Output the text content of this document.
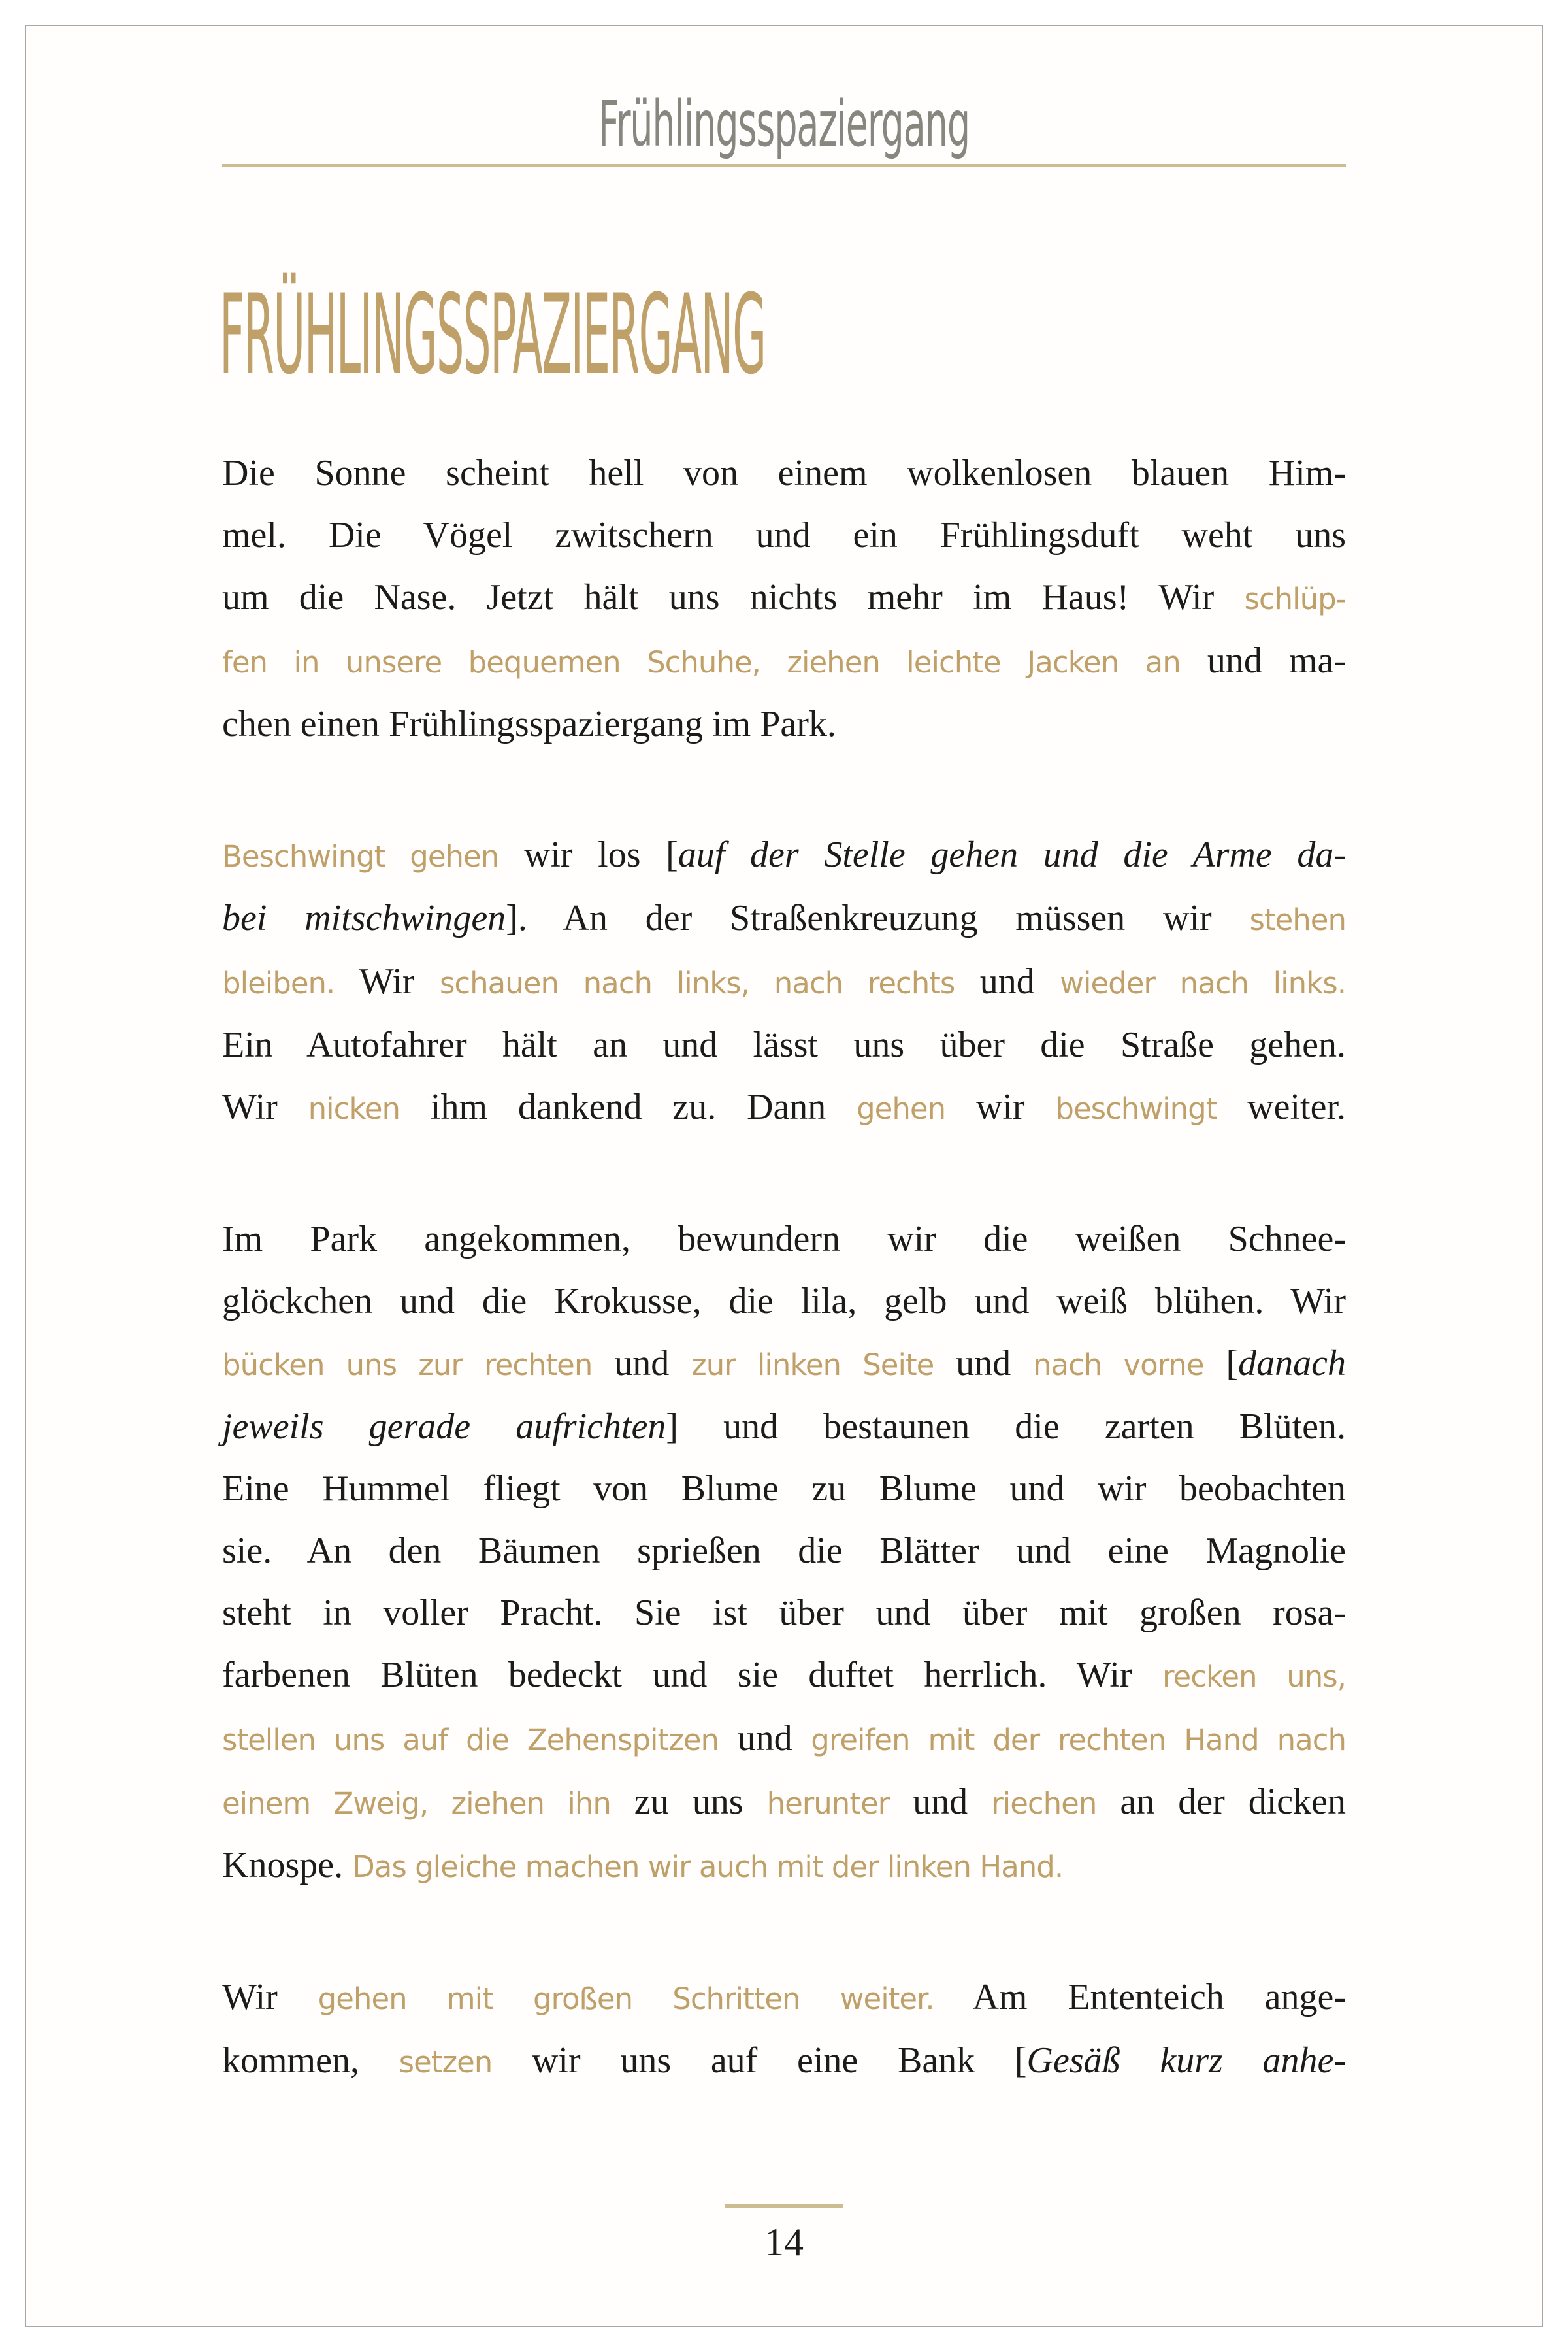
Frühlingsspaziergang
FRÜHLINGSSPAZIERGANG
Die Sonne scheint hell von einem wolkenlosen blauen Him-
mel. Die Vögel zwitschern und ein Frühlingsduft weht uns
um die Nase. Jetzt hält uns nichts mehr im Haus! Wir schlüp-
fen in unsere bequemen Schuhe, ziehen leichte Jacken an und ma-
chen einen Frühlingsspaziergang im Park.
Beschwingt gehen wir los [auf der Stelle gehen und die Arme da-
bei mitschwingen]. An der Straßenkreuzung müssen wir stehen
bleiben. Wir schauen nach links, nach rechts und wieder nach links.
Ein Autofahrer hält an und lässt uns über die Straße gehen.
Wir nicken ihm dankend zu. Dann gehen wir beschwingt weiter.
Im Park angekommen, bewundern wir die weißen Schnee-
glöckchen und die Krokusse, die lila, gelb und weiß blühen. Wir
bücken uns zur rechten und zur linken Seite und nach vorne [danach
jeweils gerade aufrichten] und bestaunen die zarten Blüten.
Eine Hummel fliegt von Blume zu Blume und wir beobachten
sie. An den Bäumen sprießen die Blätter und eine Magnolie
steht in voller Pracht. Sie ist über und über mit großen rosa-
farbenen Blüten bedeckt und sie duftet herrlich. Wir recken uns,
stellen uns auf die Zehenspitzen und greifen mit der rechten Hand nach
einem Zweig, ziehen ihn zu uns herunter und riechen an der dicken
Knospe. Das gleiche machen wir auch mit der linken Hand.
Wir gehen mit großen Schritten weiter. Am Ententeich ange-
kommen, setzen wir uns auf eine Bank [Gesäß kurz anhe-
14
